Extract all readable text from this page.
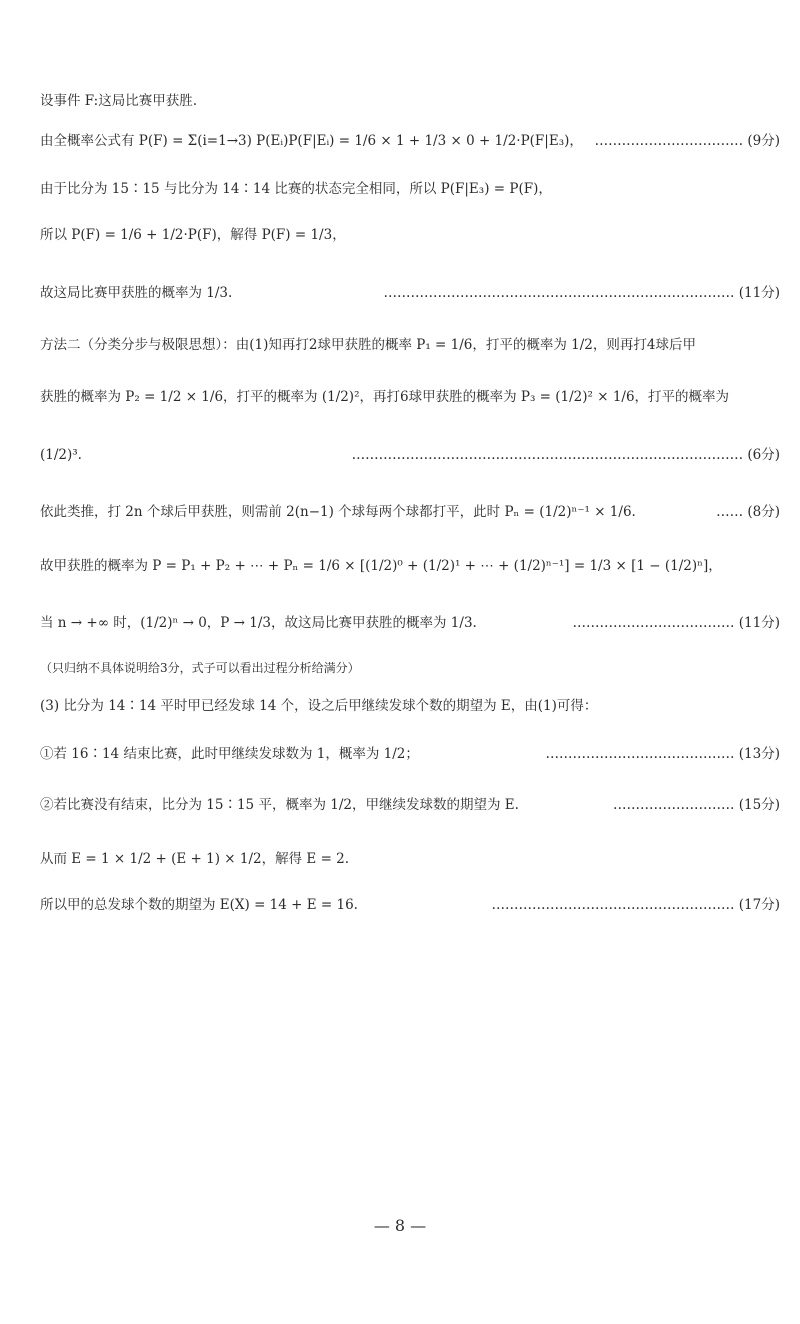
设事件 F:这局比赛甲获胜.
由全概率公式有 P(F) = Σ(i=1→3) P(Eᵢ)P(F|Eᵢ) = 1/6 × 1 + 1/3 × 0 + 1/2·P(F|E₃)， …………………………… (9分)
由于比分为 15∶15 与比分为 14∶14 比赛的状态完全相同，所以 P(F|E₃) = P(F)，
所以 P(F) = 1/6 + 1/2·P(F)，解得 P(F) = 1/3，
故这局比赛甲获胜的概率为 1/3.	…………………………………………………………………… (11分)
方法二（分类分步与极限思想）：由(1)知再打2球甲获胜的概率 P₁ = 1/6，打平的概率为 1/2，则再打4球后甲
获胜的概率为 P₂ = 1/2 × 1/6，打平的概率为 (1/2)²，再打6球甲获胜的概率为 P₃ = (1/2)² × 1/6，打平的概率为
(1/2)³.	…………………………………………………………………………… (6分)
依此类推，打 2n 个球后甲获胜，则需前 2(n−1) 个球每两个球都打平，此时 Pₙ = (1/2)ⁿ⁻¹ × 1/6.	…… (8分)
故甲获胜的概率为 P = P₁ + P₂ + ⋯ + Pₙ = 1/6 × [(1/2)⁰ + (1/2)¹ + ⋯ + (1/2)ⁿ⁻¹] = 1/3 × [1 − (1/2)ⁿ]，
当 n → +∞ 时，(1/2)ⁿ → 0，P → 1/3，故这局比赛甲获胜的概率为 1/3.	……………………………… (11分)
（只归纳不具体说明给3分，式子可以看出过程分析给满分）
(3) 比分为 14∶14 平时甲已经发球 14 个，设之后甲继续发球个数的期望为 E，由(1)可得：
①若 16∶14 结束比赛，此时甲继续发球数为 1，概率为 1/2；	…………………………………… (13分)
②若比赛没有结束，比分为 15∶15 平，概率为 1/2，甲继续发球数的期望为 E.	……………………… (15分)
从而 E = 1 × 1/2 + (E + 1) × 1/2，解得 E = 2.
所以甲的总发球个数的期望为 E(X) = 14 + E = 16.	……………………………………………… (17分)
— 8 —
